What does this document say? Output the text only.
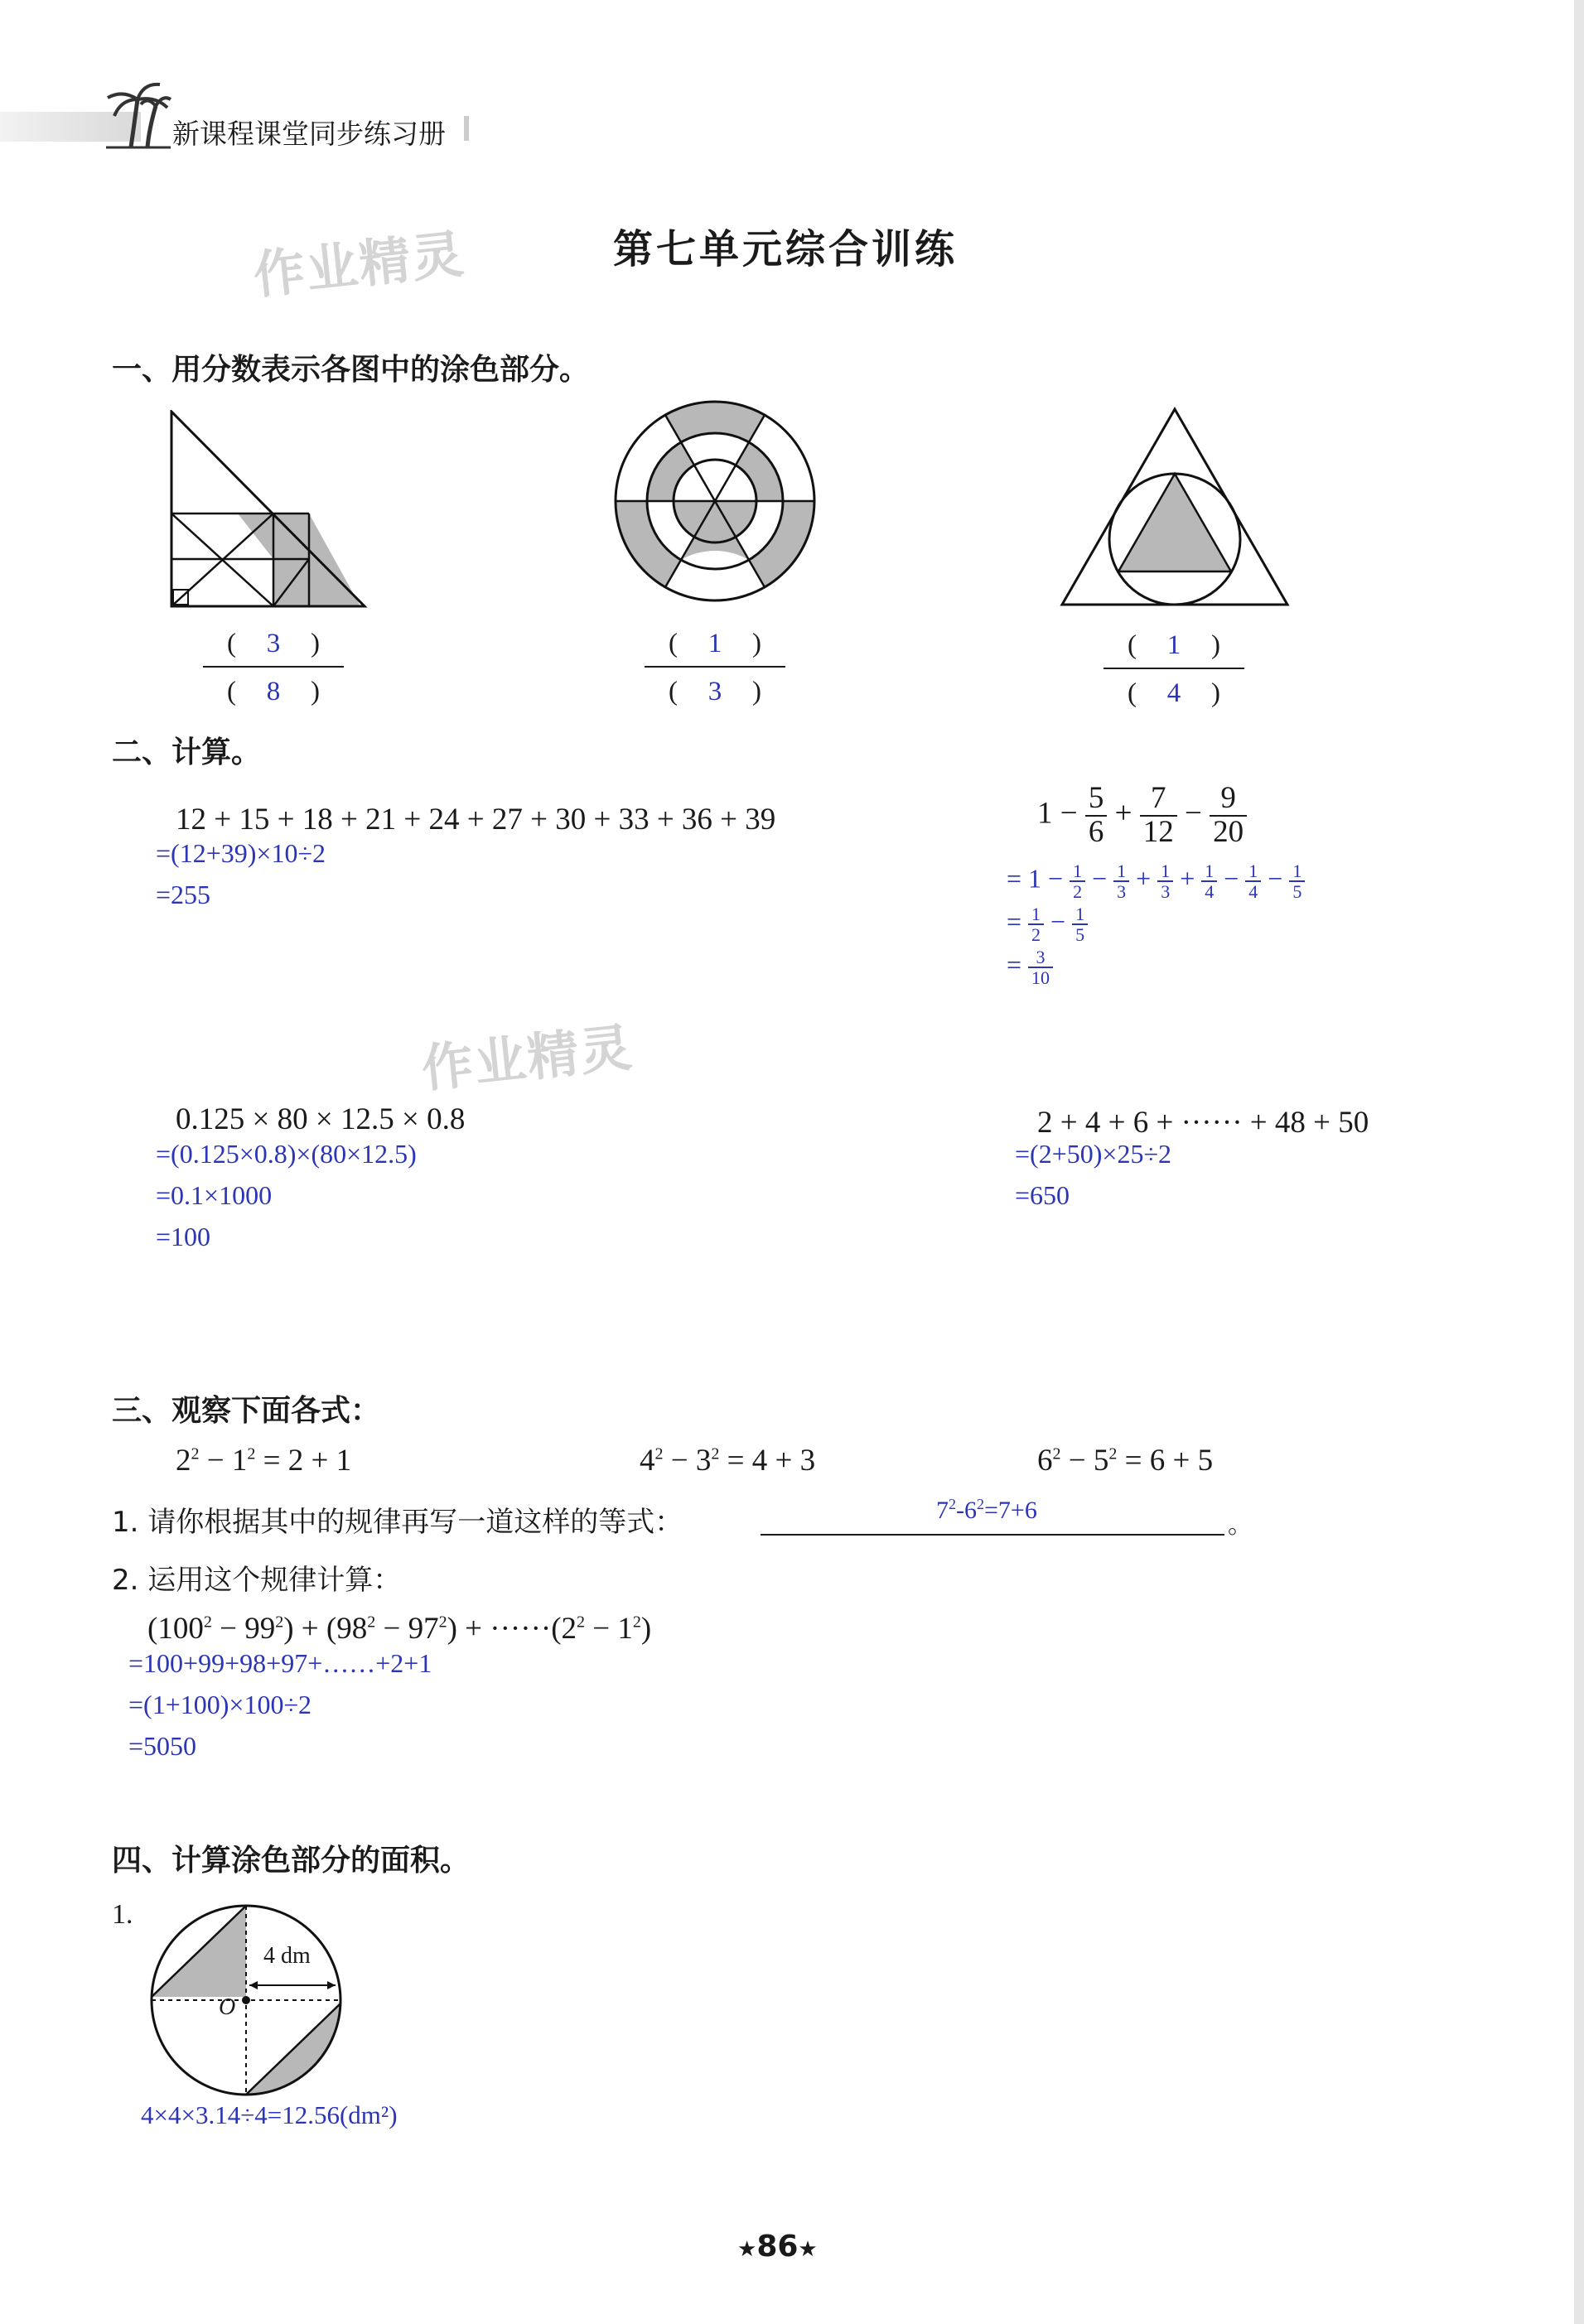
新课程课堂同步练习册
作业精灵
作业精灵
第七单元综合训练
一、用分数表示各图中的涂色部分。
( 3 )
( 8 )
( 1 )
( 3 )
( 1 )
( 4 )
二、计算。
12 + 15 + 18 + 21 + 24 + 27 + 30 + 33 + 36 + 39
=(12+39)×10÷2
=255
$1 - \frac{5}{6} + \frac{7}{12} - \frac{9}{20}$
= $1 - \frac{1}{2} - \frac{1}{3} + \frac{1}{3} + \frac{1}{4} - \frac{1}{4} - \frac{1}{5}$
= $\frac{1}{2} - \frac{1}{5}$
= $\frac{3}{10}$
0.125 × 80 × 12.5 × 0.8
=(0.125×0.8)×(80×12.5)
=0.1×1000
=100
2 + 4 + 6 + ······ + 48 + 50
=(2+50)×25÷2
=650
三、观察下面各式：
$2^2 - 1^2 = 2 + 1$	$4^2 - 3^2 = 4 + 3$	$6^2 - 5^2 = 6 + 5$
1. 请你根据其中的规律再写一道这样的等式：	$7^2-6^2=7+6$
。
2. 运用这个规律计算：
$(100^2 - 99^2) + (98^2 - 97^2) + \cdot\cdot\cdot\cdot\cdot\cdot(2^2 - 1^2)$
=100+99+98+97+……+2+1
=(1+100)×100÷2
=5050
四、计算涂色部分的面积。
1.
4 dm
O
4×4×3.14÷4=12.56(dm²)
★86★
